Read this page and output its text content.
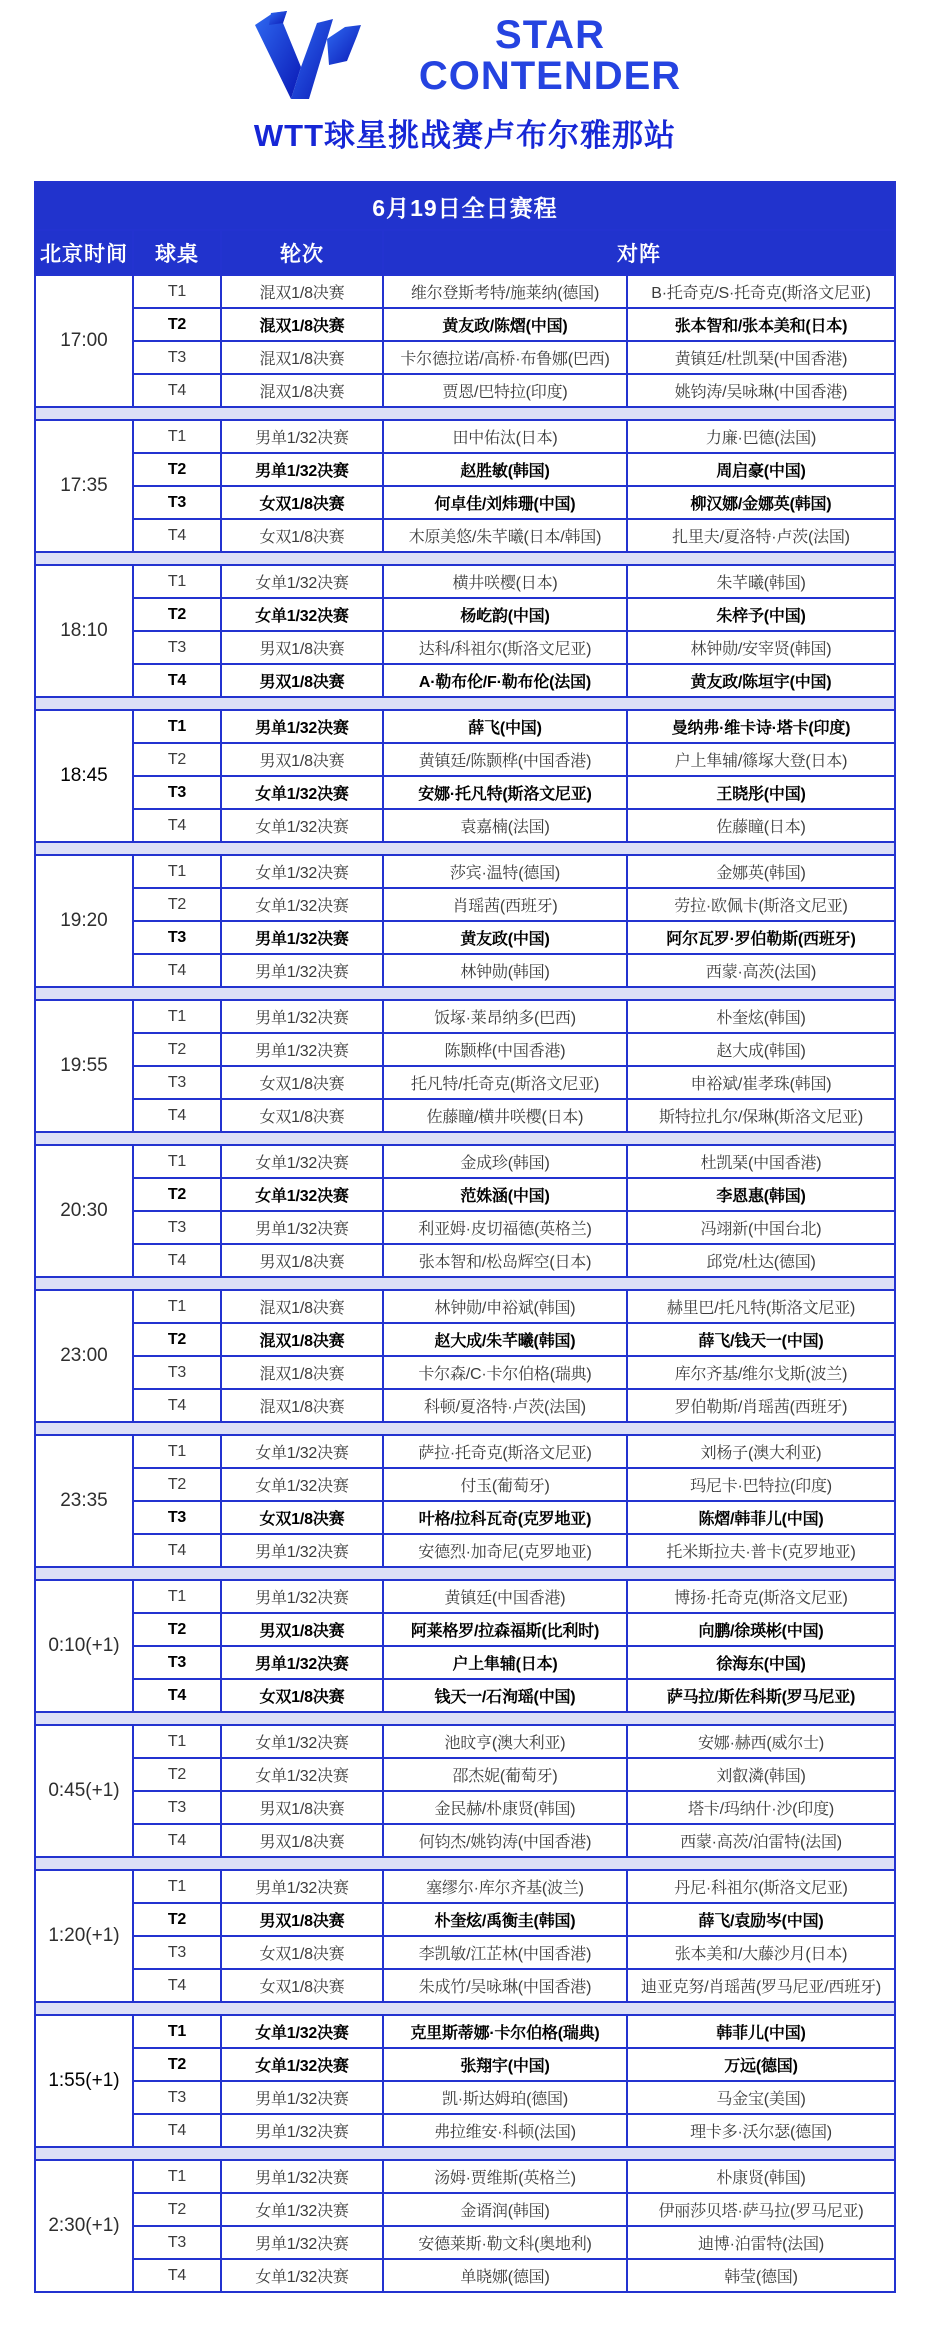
STAR
CONTENDER
WTT球星挑战赛卢布尔雅那站
6月19日全日赛程				
北京时间	球桌	轮次	对阵	
17:00	T1	混双1/8决赛	维尔登斯考特/施莱纳(德国)	B·托奇克/S·托奇克(斯洛文尼亚)
	T2	混双1/8决赛	黄友政/陈熠(中国)	张本智和/张本美和(日本)
	T3	混双1/8决赛	卡尔德拉诺/高桥·布鲁娜(巴西)	黄镇廷/杜凯琹(中国香港)
	T4	混双1/8决赛	贾恩/巴特拉(印度)	姚钧涛/吴咏琳(中国香港)

17:35	T1	男单1/32决赛	田中佑汰(日本)	力廉·巴德(法国)
	T2	男单1/32决赛	赵胜敏(韩国)	周启豪(中国)
	T3	女双1/8决赛	何卓佳/刘炜珊(中国)	柳汉娜/金娜英(韩国)
	T4	女双1/8决赛	木原美悠/朱芊曦(日本/韩国)	扎里夫/夏洛特·卢茨(法国)

18:10	T1	女单1/32决赛	横井咲樱(日本)	朱芊曦(韩国)
	T2	女单1/32决赛	杨屹韵(中国)	朱梓予(中国)
	T3	男双1/8决赛	达科/科祖尔(斯洛文尼亚)	林钟勋/安宰贤(韩国)
	T4	男双1/8决赛	A·勒布伦/F·勒布伦(法国)	黄友政/陈垣宇(中国)

18:45	T1	男单1/32决赛	薛飞(中国)	曼纳弗·维卡诗·塔卡(印度)
	T2	男双1/8决赛	黄镇廷/陈颢桦(中国香港)	户上隼辅/篠塚大登(日本)
	T3	女单1/32决赛	安娜·托凡特(斯洛文尼亚)	王晓彤(中国)
	T4	女单1/32决赛	袁嘉楠(法国)	佐藤瞳(日本)

19:20	T1	女单1/32决赛	莎宾·温特(德国)	金娜英(韩国)
	T2	女单1/32决赛	肖瑶茜(西班牙)	劳拉·欧佩卡(斯洛文尼亚)
	T3	男单1/32决赛	黄友政(中国)	阿尔瓦罗·罗伯勒斯(西班牙)
	T4	男单1/32决赛	林钟勋(韩国)	西蒙·高茨(法国)

19:55	T1	男单1/32决赛	饭塚·莱昂纳多(巴西)	朴奎炫(韩国)
	T2	男单1/32决赛	陈颢桦(中国香港)	赵大成(韩国)
	T3	女双1/8决赛	托凡特/托奇克(斯洛文尼亚)	申裕斌/崔孝珠(韩国)
	T4	女双1/8决赛	佐藤瞳/横井咲樱(日本)	斯特拉扎尔/保琳(斯洛文尼亚)

20:30	T1	女单1/32决赛	金成珍(韩国)	杜凯琹(中国香港)
	T2	女单1/32决赛	范姝涵(中国)	李恩惠(韩国)
	T3	男单1/32决赛	利亚姆·皮切福德(英格兰)	冯翊新(中国台北)
	T4	男双1/8决赛	张本智和/松岛辉空(日本)	邱党/杜达(德国)

23:00	T1	混双1/8决赛	林钟勋/申裕斌(韩国)	赫里巴/托凡特(斯洛文尼亚)
	T2	混双1/8决赛	赵大成/朱芊曦(韩国)	薛飞/钱天一(中国)
	T3	混双1/8决赛	卡尔森/C·卡尔伯格(瑞典)	库尔齐基/维尔戈斯(波兰)
	T4	混双1/8决赛	科顿/夏洛特·卢茨(法国)	罗伯勒斯/肖瑶茜(西班牙)

23:35	T1	女单1/32决赛	萨拉·托奇克(斯洛文尼亚)	刘杨子(澳大利亚)
	T2	女单1/32决赛	付玉(葡萄牙)	玛尼卡·巴特拉(印度)
	T3	女双1/8决赛	叶格/拉科瓦奇(克罗地亚)	陈熠/韩菲儿(中国)
	T4	男单1/32决赛	安德烈·加奇尼(克罗地亚)	托米斯拉夫·普卡(克罗地亚)

0:10(+1)	T1	男单1/32决赛	黄镇廷(中国香港)	博扬·托奇克(斯洛文尼亚)
	T2	男双1/8决赛	阿莱格罗/拉森福斯(比利时)	向鹏/徐瑛彬(中国)
	T3	男单1/32决赛	户上隼辅(日本)	徐海东(中国)
	T4	女双1/8决赛	钱天一/石洵瑶(中国)	萨马拉/斯佐科斯(罗马尼亚)

0:45(+1)	T1	女单1/32决赛	池旼亨(澳大利亚)	安娜·赫西(威尔士)
	T2	女单1/32决赛	邵杰妮(葡萄牙)	刘叡潾(韩国)
	T3	男双1/8决赛	金民赫/朴康贤(韩国)	塔卡/玛纳什·沙(印度)
	T4	男双1/8决赛	何钧杰/姚钧涛(中国香港)	西蒙·高茨/泊雷特(法国)

1:20(+1)	T1	男单1/32决赛	塞缪尔·库尔齐基(波兰)	丹尼·科祖尔(斯洛文尼亚)
	T2	男双1/8决赛	朴奎炫/禹衡圭(韩国)	薛飞/袁励岑(中国)
	T3	女双1/8决赛	李凯敏/江芷林(中国香港)	张本美和/大藤沙月(日本)
	T4	女双1/8决赛	朱成竹/吴咏琳(中国香港)	迪亚克努/肖瑶茜(罗马尼亚/西班牙)

1:55(+1)	T1	女单1/32决赛	克里斯蒂娜·卡尔伯格(瑞典)	韩菲儿(中国)
	T2	女单1/32决赛	张翔宇(中国)	万远(德国)
	T3	男单1/32决赛	凯·斯达姆珀(德国)	马金宝(美国)
	T4	男单1/32决赛	弗拉维安·科顿(法国)	理卡多·沃尔瑟(德国)

2:30(+1)	T1	男单1/32决赛	汤姆·贾维斯(英格兰)	朴康贤(韩国)
	T2	女单1/32决赛	金谞润(韩国)	伊丽莎贝塔·萨马拉(罗马尼亚)
	T3	男单1/32决赛	安德莱斯·勒文科(奥地利)	迪博·泊雷特(法国)
	T4	女单1/32决赛	单晓娜(德国)	韩莹(德国)
